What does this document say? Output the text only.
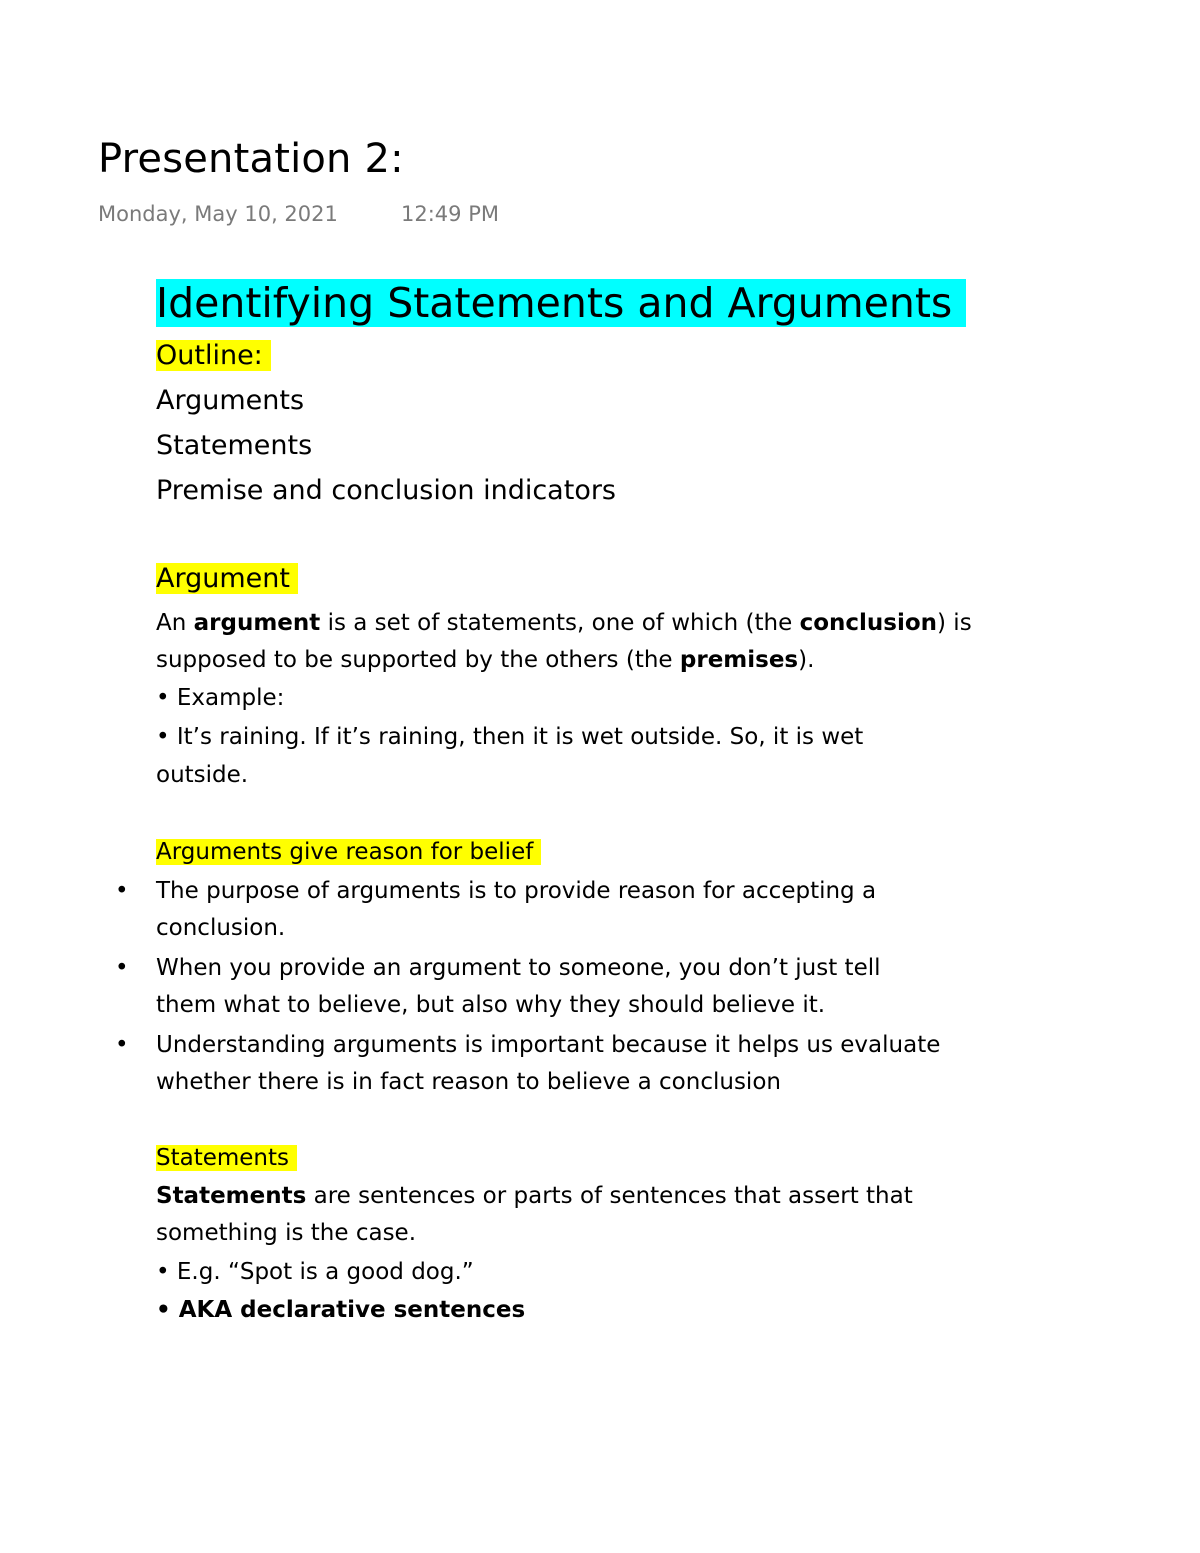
Presentation 2:
Monday, May 10, 2021	12:49 PM
Identifying Statements and Arguments
Outline:
Arguments
Statements
Premise and conclusion indicators
Argument
An argument is a set of statements, one of which (the conclusion) is
supposed to be supported by the others (the premises).
• Example:
• It’s raining. If it’s raining, then it is wet outside. So, it is wet
outside.
Arguments give reason for belief
• The purpose of arguments is to provide reason for accepting a
conclusion.
• When you provide an argument to someone, you don’t just tell
them what to believe, but also why they should believe it.
• Understanding arguments is important because it helps us evaluate
whether there is in fact reason to believe a conclusion
Statements
Statements are sentences or parts of sentences that assert that
something is the case.
• E.g. “Spot is a good dog.”
• AKA declarative sentences
